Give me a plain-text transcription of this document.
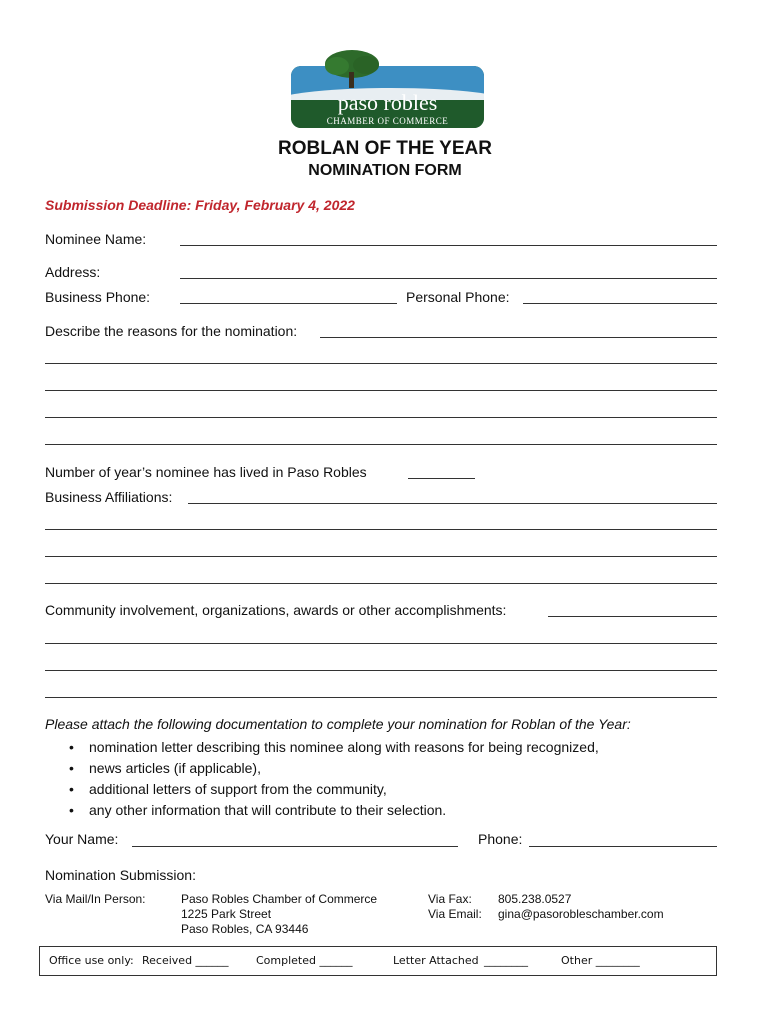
paso robles
CHAMBER OF COMMERCE
ROBLAN OF THE YEAR
NOMINATION FORM
Submission Deadline: Friday, February 4, 2022
Nominee Name:
Address:
Business Phone:	Personal Phone:
Describe the reasons for the nomination:
Number of year’s nominee has lived in Paso Robles
Business Affiliations:
Community involvement, organizations, awards or other accomplishments:
Please attach the following documentation to complete your nomination for Roblan of the Year:
• nomination letter describing this nominee along with reasons for being recognized,
• news articles (if applicable),
• additional letters of support from the community,
• any other information that will contribute to their selection.
Your Name:	Phone:
Nomination Submission:
Via Mail/In Person:	Paso Robles Chamber of Commerce
1225 Park Street
Paso Robles, CA 93446
Via Fax: 805.238.0527
Via Email: gina@pasorobleschamber.com
Office use only: Received ______ Completed ______	Letter Attached ________	Other ________
